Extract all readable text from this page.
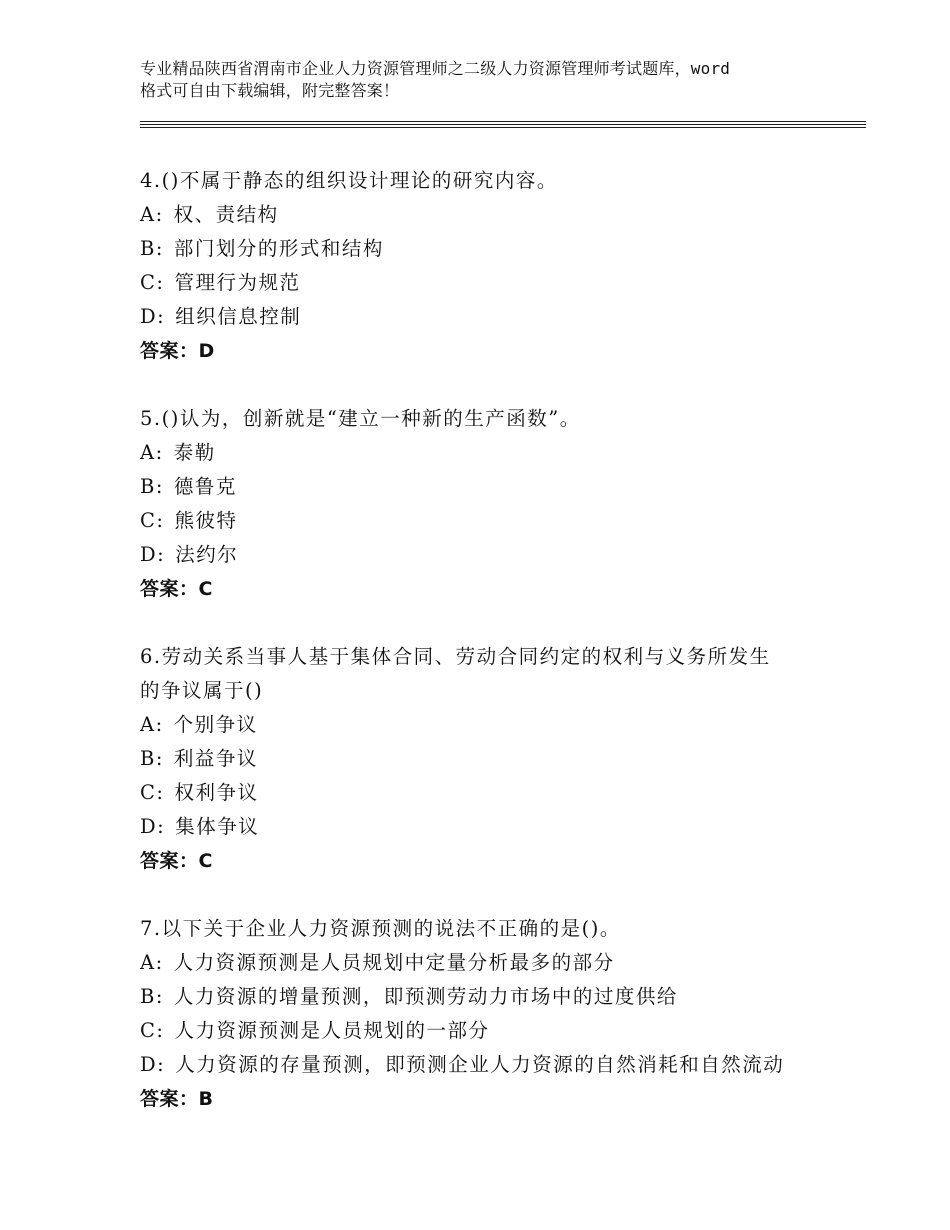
专业精品陕西省渭南市企业人力资源管理师之二级人力资源管理师考试题库，word
格式可自由下载编辑，附完整答案！
4.()不属于静态的组织设计理论的研究内容。
A: 权、责结构
B: 部门划分的形式和结构
C: 管理行为规范
D: 组织信息控制
答案：D
5.()认为，创新就是“建立一种新的生产函数”。
A: 泰勒
B: 德鲁克
C: 熊彼特
D: 法约尔
答案：C
6.劳动关系当事人基于集体合同、劳动合同约定的权利与义务所发生
的争议属于()
A: 个别争议
B: 利益争议
C: 权利争议
D: 集体争议
答案：C
7.以下关于企业人力资源预测的说法不正确的是()。
A: 人力资源预测是人员规划中定量分析最多的部分
B: 人力资源的增量预测，即预测劳动力市场中的过度供给
C: 人力资源预测是人员规划的一部分
D: 人力资源的存量预测，即预测企业人力资源的自然消耗和自然流动
答案：B
